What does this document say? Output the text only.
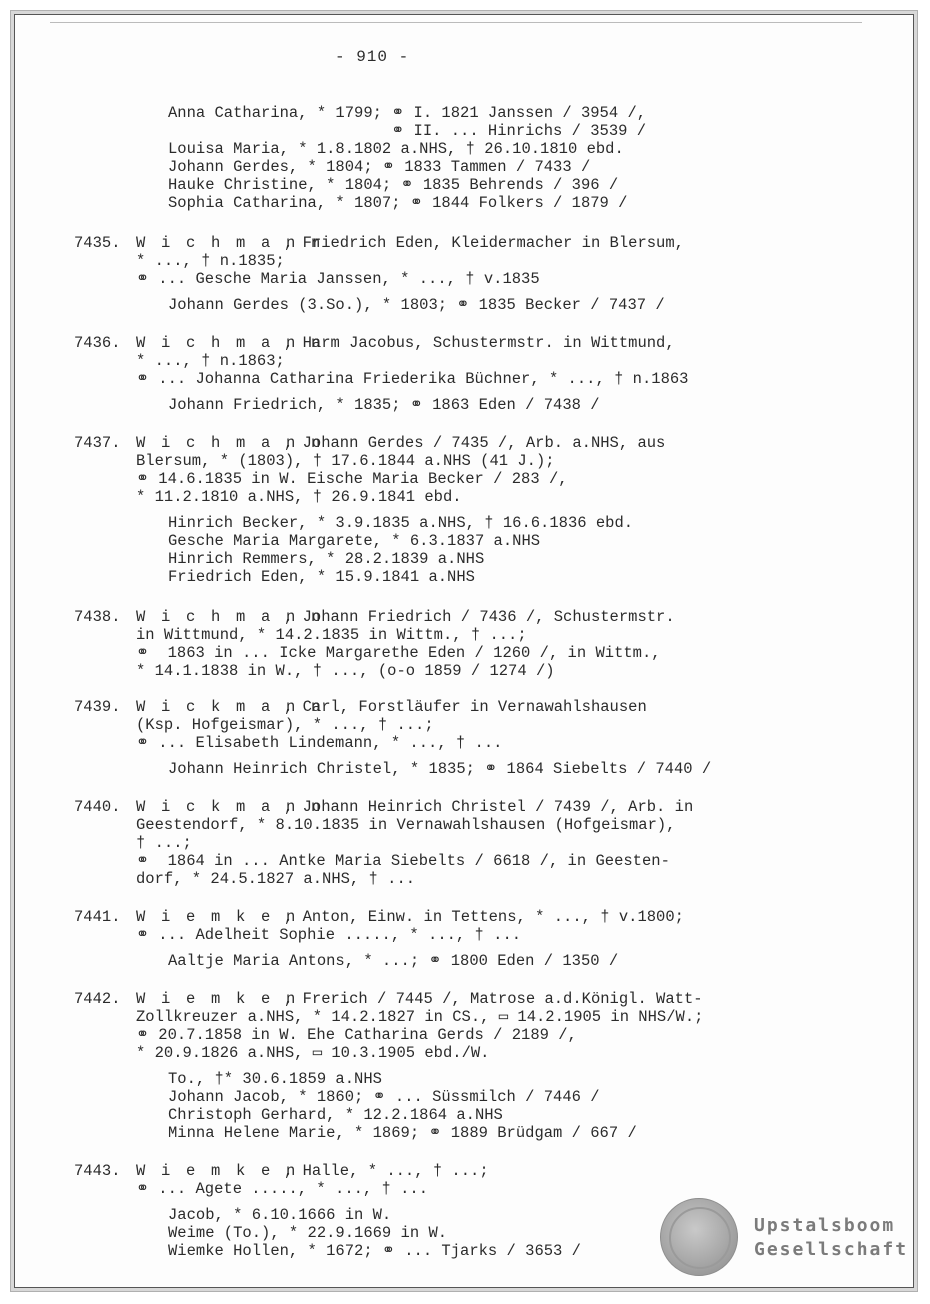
- 910 -
Anna Catharina, * 1799; ⚭ I. 1821 Janssen / 3954 /,
⚭ II. ... Hinrichs / 3539 /
Louisa Maria, * 1.8.1802 a.NHS, † 26.10.1810 ebd.
Johann Gerdes, * 1804; ⚭ 1833 Tammen / 7433 /
Hauke Christine, * 1804; ⚭ 1835 Behrends / 396 /
Sophia Catharina, * 1807; ⚭ 1844 Folkers / 1879 /
7435. W i c h m a n n
, Friedrich Eden, Kleidermacher in Blersum,
* ..., † n.1835;
⚭ ... Gesche Maria Janssen, * ..., † v.1835
Johann Gerdes (3.So.), * 1803; ⚭ 1835 Becker / 7437 /
7436. W i c h m a n n
, Harm Jacobus, Schustermstr. in Wittmund,
* ..., † n.1863;
⚭ ... Johanna Catharina Friederika Büchner, * ..., † n.1863
Johann Friedrich, * 1835; ⚭ 1863 Eden / 7438 /
7437. W i c h m a n n
, Johann Gerdes / 7435 /, Arb. a.NHS, aus
Blersum, * (1803), † 17.6.1844 a.NHS (41 J.);
⚭ 14.6.1835 in W. Eische Maria Becker / 283 /,
* 11.2.1810 a.NHS, † 26.9.1841 ebd.
Hinrich Becker, * 3.9.1835 a.NHS, † 16.6.1836 ebd.
Gesche Maria Margarete, * 6.3.1837 a.NHS
Hinrich Remmers, * 28.2.1839 a.NHS
Friedrich Eden, * 15.9.1841 a.NHS
7438. W i c h m a n n
, Johann Friedrich / 7436 /, Schustermstr.
in Wittmund, * 14.2.1835 in Wittm., † ...;
⚭  1863 in ... Icke Margarethe Eden / 1260 /, in Wittm.,
* 14.1.1838 in W., † ..., (o-o 1859 / 1274 /)
7439. W i c k m a n n
, Carl, Forstläufer in Vernawahlshausen
(Ksp. Hofgeismar), * ..., † ...;
⚭ ... Elisabeth Lindemann, * ..., † ...
Johann Heinrich Christel, * 1835; ⚭ 1864 Siebelts / 7440 /
7440. W i c k m a n n
, Johann Heinrich Christel / 7439 /, Arb. in
Geestendorf, * 8.10.1835 in Vernawahlshausen (Hofgeismar),
† ...;
⚭  1864 in ... Antke Maria Siebelts / 6618 /, in Geesten-
dorf, * 24.5.1827 a.NHS, † ...
7441. W i e m k e n
, Anton, Einw. in Tettens, * ..., † v.1800;
⚭ ... Adelheit Sophie ....., * ..., † ...
Aaltje Maria Antons, * ...; ⚭ 1800 Eden / 1350 /
7442. W i e m k e n
, Frerich / 7445 /, Matrose a.d.Königl. Watt-
Zollkreuzer a.NHS, * 14.2.1827 in CS., ▭ 14.2.1905 in NHS/W.;
⚭ 20.7.1858 in W. Ehe Catharina Gerds / 2189 /,
* 20.9.1826 a.NHS, ▭ 10.3.1905 ebd./W.
To., †* 30.6.1859 a.NHS
Johann Jacob, * 1860; ⚭ ... Süssmilch / 7446 /
Christoph Gerhard, * 12.2.1864 a.NHS
Minna Helene Marie, * 1869; ⚭ 1889 Brüdgam / 667 /
7443. W i e m k e n
, Halle, * ..., † ...;
⚭ ... Agete ....., * ..., † ...
Jacob, * 6.10.1666 in W.
Weime (To.), * 22.9.1669 in W.
Wiemke Hollen, * 1672; ⚭ ... Tjarks / 3653 /
Upstalsboom
Gesellschaft
